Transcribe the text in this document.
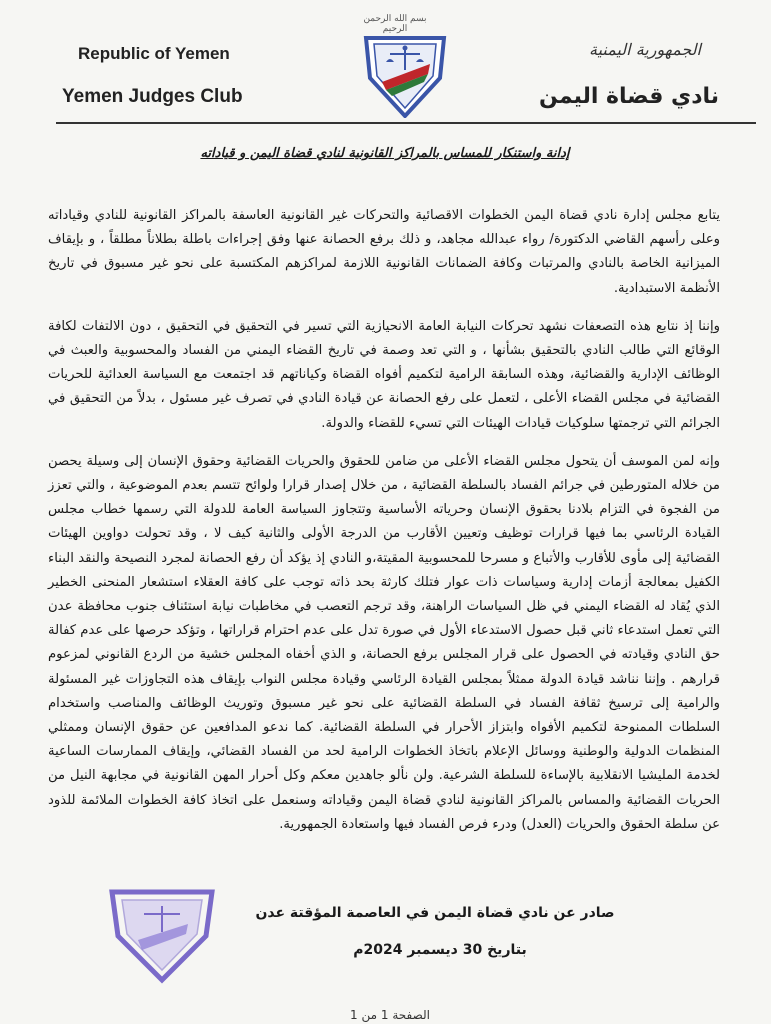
Republic of Yemen
Yemen Judges Club
الجمهورية اليمنية
نادي قضاة اليمن
بسم الله الرحمن الرحيم
إدانة واستنكار للمساس بالمراكز القانونية لنادي قضاة اليمن و قياداته

يتابع مجلس إدارة نادي قضاة اليمن الخطوات الاقصائية والتحركات غير القانونية العاسفة بالمراكز القانونية للنادي وقياداته وعلى رأسهم القاضي الدكتورة/ رواء عبدالله مجاهد، و ذلك برفع الحصانة عنها وفق إجراءات باطلة بطلاناً مطلقاً ، و بإيقاف الميزانية الخاصة بالنادي والمرتبات وكافة الضمانات القانونية اللازمة لمراكزهم المكتسبة على نحو غير مسبوق في تاريخ الأنظمة الاستبدادية.

وإننا إذ نتابع هذه التصعفات نشهد تحركات النيابة العامة الانحيازية التي تسير في التحقيق في التحقيق ، دون الالتفات لكافة الوقائع التي طالب النادي بالتحقيق بشأنها ، و التي تعد وصمة في تاريخ القضاء اليمني من الفساد والمحسوبية والعبث في الوظائف الإدارية والقضائية، وهذه السابقة الرامية لتكميم أفواه القضاة وكياناتهم قد اجتمعت مع السياسة العدائية للحريات القضائية في مجلس القضاء الأعلى ، لتعمل على رفع الحصانة عن قيادة النادي في تصرف غير مسئول ، بدلاً من التحقيق في الجرائم التي ترجمتها سلوكيات قيادات الهيئات التي تسيء للقضاء والدولة.

وإنه لمن الموسف أن يتحول مجلس القضاء الأعلى من ضامن للحقوق والحريات القضائية وحقوق الإنسان إلى وسيلة يحصن من خلاله المتورطين في جرائم الفساد بالسلطة القضائية ، من خلال إصدار قرارا ولوائح تتسم بعدم الموضوعية ، والتي تعزز من الفجوة في التزام بلادنا بحقوق الإنسان وحرياته الأساسية وتتجاوز السياسة العامة للدولة التي رسمها خطاب مجلس القيادة الرئاسي بما فيها قرارات توظيف وتعيين الأقارب من الدرجة الأولى والثانية كيف لا ، وقد تحولت دواوين الهيئات القضائية إلى مأوى للأقارب والأتباع و مسرحا للمحسوبية المقيتة،و النادي إذ يؤكد أن رفع الحصانة لمجرد النصيحة والنقد البناء الكفيل بمعالجة أزمات إدارية وسياسات ذات عوار فتلك كارثة بحد ذاته توجب على كافة العقلاء استشعار المنحنى الخطير الذي يُقاد له القضاء اليمني في ظل السياسات الراهنة، وقد ترجم التعصب في مخاطبات نيابة استئناف جنوب محافظة عدن التي تعمل استدعاء ثاني قبل حصول الاستدعاء الأول في صورة تدل على عدم احترام قراراتها ، وتؤكد حرصها على عدم كفالة حق النادي وقيادته في الحصول على قرار المجلس برفع الحصانة، و الذي أخفاه المجلس خشية من الردع القانوني لمزعوم قرارهم . وإننا نناشد قيادة الدولة ممثلاً بمجلس القيادة الرئاسي وقيادة مجلس النواب بإيقاف هذه التجاوزات غير المسئولة والرامية إلى ترسيخ ثقافة الفساد في السلطة القضائية على نحو غير مسبوق وتوريث الوظائف والمناصب واستخدام السلطات الممنوحة لتكميم الأفواه وابتزاز الأحرار في السلطة القضائية. كما ندعو المدافعين عن حقوق الإنسان وممثلي المنظمات الدولية والوطنية ووسائل الإعلام باتخاذ الخطوات الرامية لحد من الفساد القضائي، وإيقاف الممارسات الساعية لخدمة المليشيا الانقلابية بالإساءة للسلطة الشرعية. ولن نألو جاهدين معكم وكل أحرار المهن القانونية في مجابهة النيل من الحريات القضائية والمساس بالمراكز القانونية لنادي قضاة اليمن وقياداته وسنعمل على اتخاذ كافة الخطوات الملائمة للذود عن سلطة الحقوق والحريات (العدل) ودرء فرص الفساد فيها واستعادة الجمهورية.

صادر عن نادي قضاة اليمن في العاصمة المؤقتة عدن
بتاريخ 30 ديسمبر 2024م
الصفحة 1 من 1
